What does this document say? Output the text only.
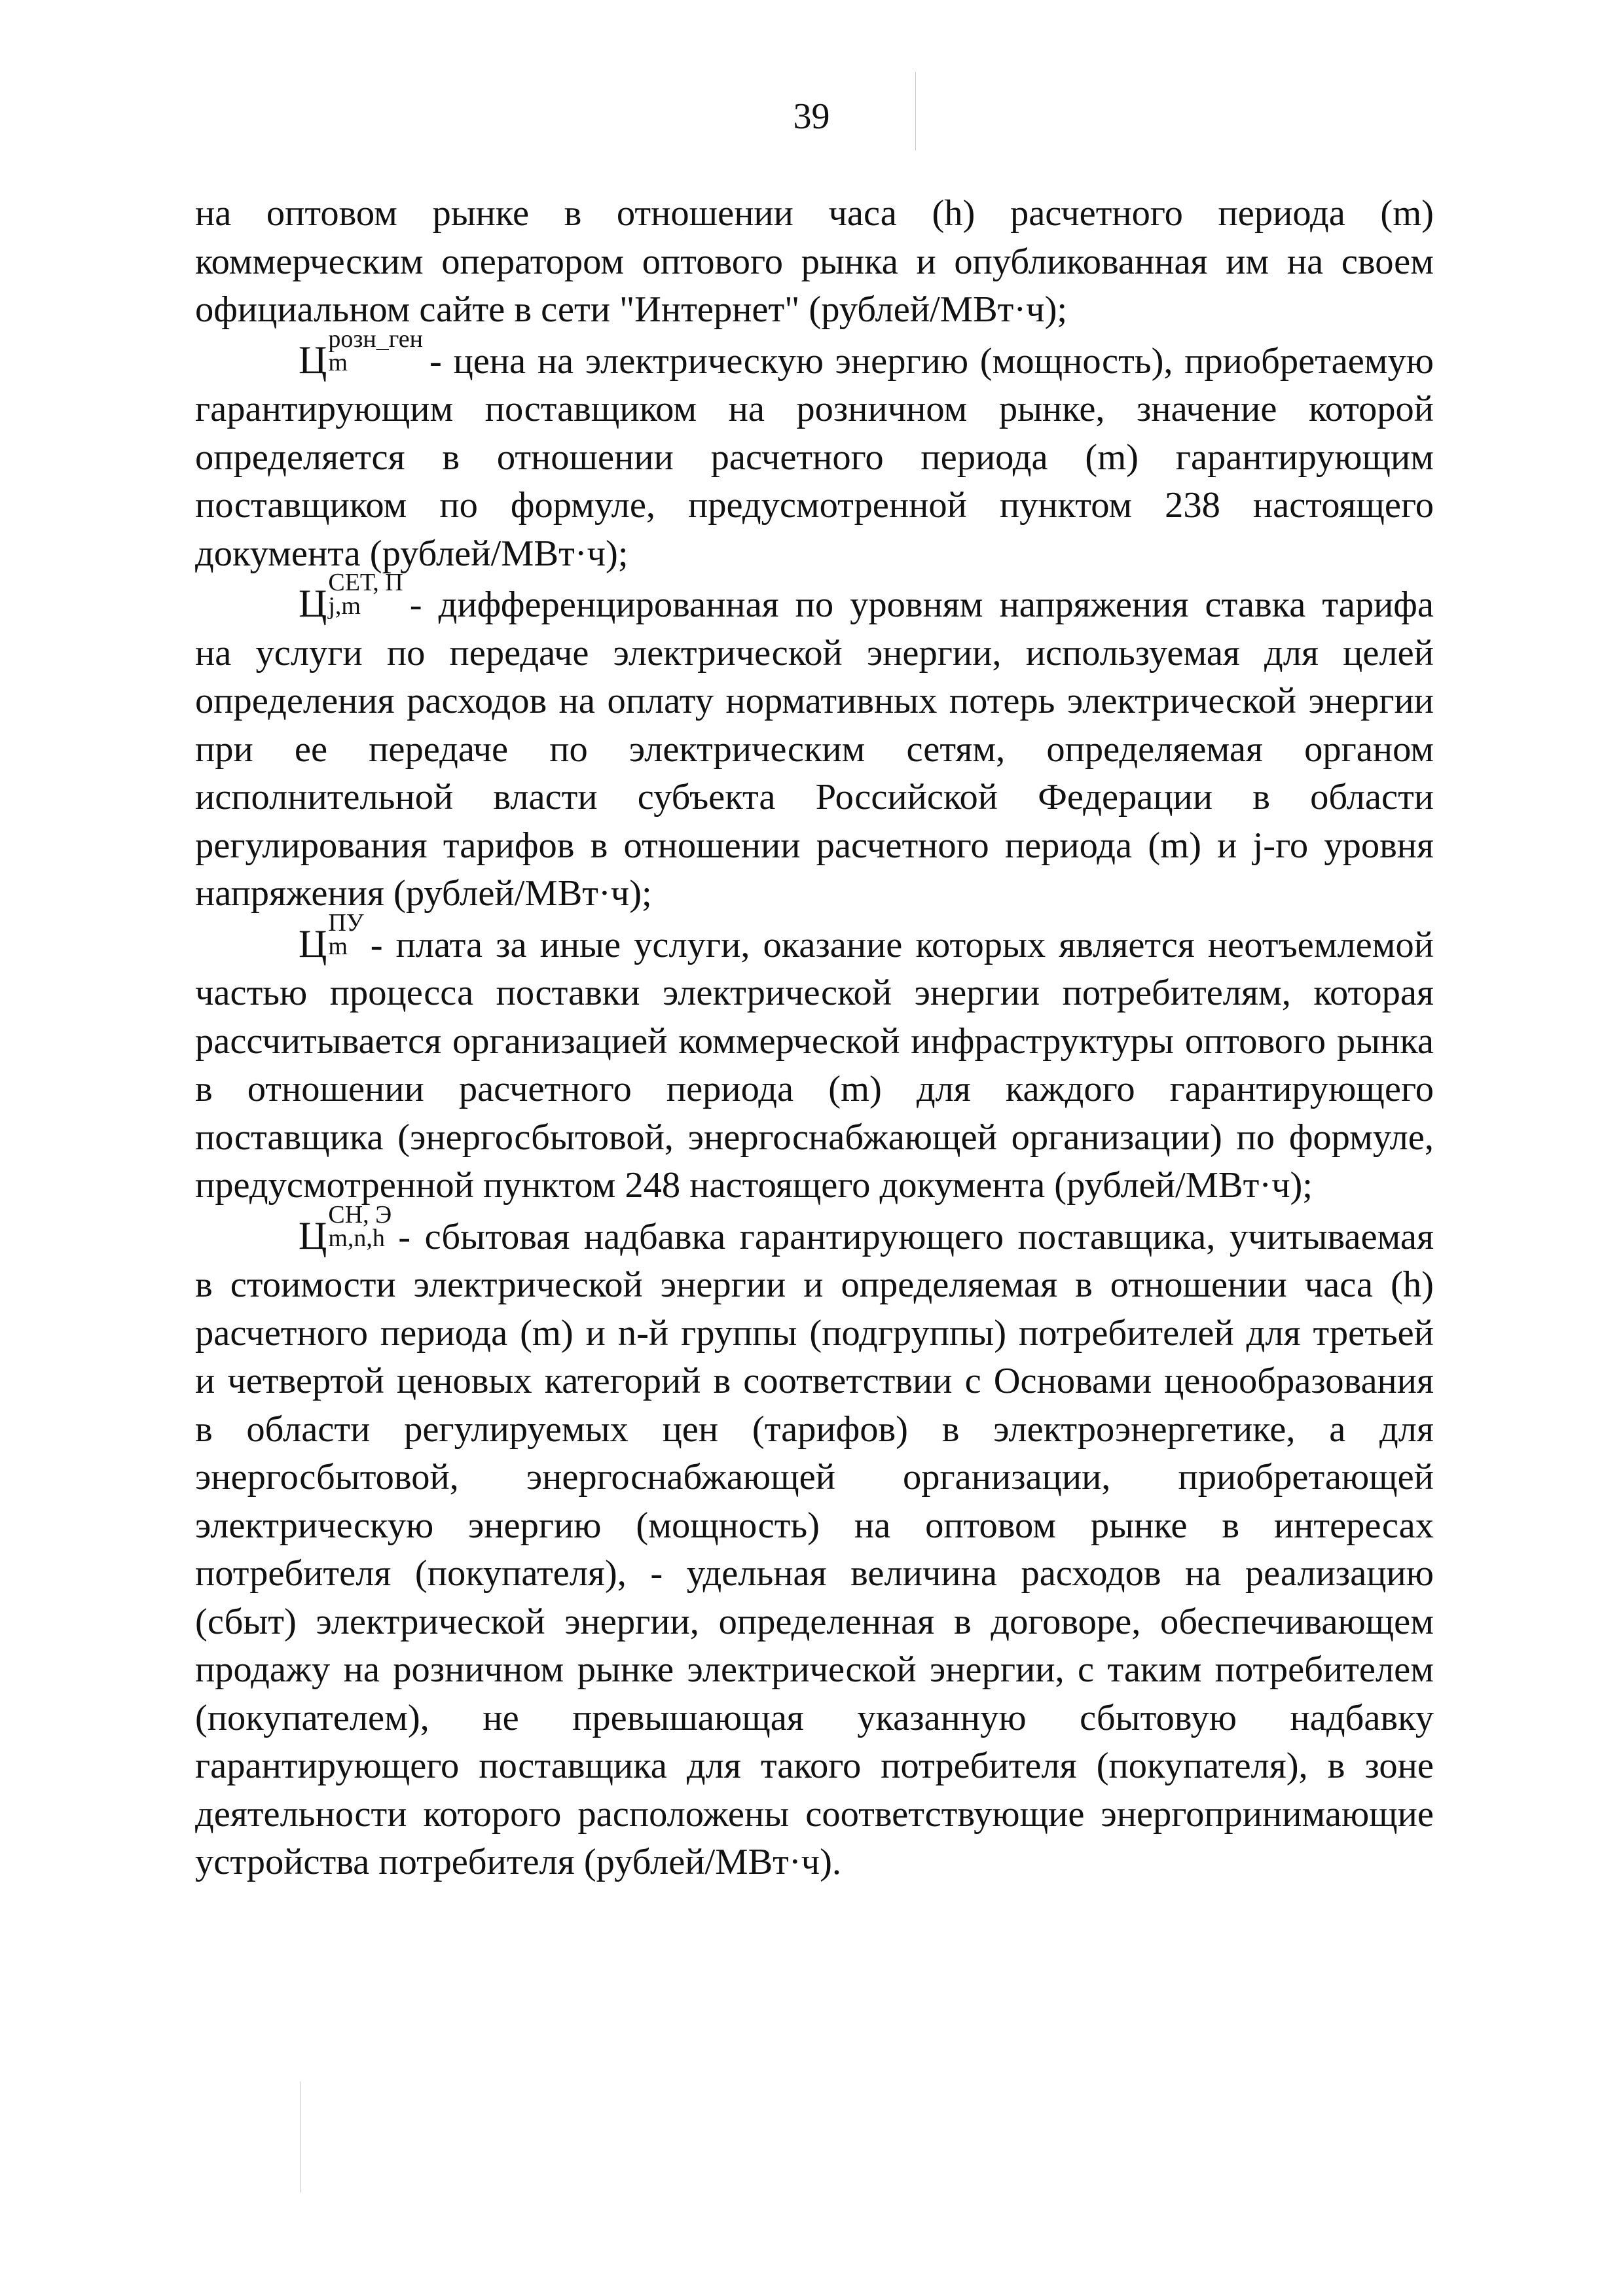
39

на оптовом рынке в отношении часа (h) расчетного периода (m) коммерческим оператором оптового рынка и опубликованная им на своем официальном сайте в сети "Интернет" (рублей/МВт·ч);

Ц розн_ген
m	- цена на электрическую энергию (мощность), приобретаемую гарантирующим поставщиком на розничном рынке, значение которой определяется в отношении расчетного периода (m) гарантирующим поставщиком по формуле, предусмотренной пунктом 238 настоящего документа (рублей/МВт·ч);

Ц СЕТ, П
j,m	- дифференцированная по уровням напряжения ставка тарифа на услуги по передаче электрической энергии, используемая для целей определения расходов на оплату нормативных потерь электрической энергии при ее передаче по электрическим сетям, определяемая органом исполнительной власти субъекта Российской Федерации в области регулирования тарифов в отношении расчетного периода (m) и j-го уровня напряжения (рублей/МВт·ч);

Ц ПУ
m - плата за иные услуги, оказание которых является неотъемлемой частью процесса поставки электрической энергии потребителям, которая рассчитывается организацией коммерческой инфраструктуры оптового рынка в отношении расчетного периода (m) для каждого гарантирующего поставщика (энергосбытовой, энергоснабжающей организации) по формуле, предусмотренной пунктом 248 настоящего документа (рублей/МВт·ч);

Ц СН, Э
m,n,h - сбытовая надбавка гарантирующего поставщика, учитываемая в стоимости электрической энергии и определяемая в отношении часа (h) расчетного периода (m) и n-й группы (подгруппы) потребителей для третьей и четвертой ценовых категорий в соответствии с Основами ценообразования в области регулируемых цен (тарифов) в электроэнергетике, а для энергосбытовой, энергоснабжающей организации, приобретающей электрическую энергию (мощность) на оптовом рынке в интересах потребителя (покупателя), - удельная величина расходов на реализацию (сбыт) электрической энергии, определенная в договоре, обеспечивающем продажу на розничном рынке электрической энергии, с таким потребителем (покупателем), не превышающая указанную сбытовую надбавку гарантирующего поставщика для такого потребителя (покупателя), в зоне деятельности которого расположены соответствующие энергопринимающие устройства потребителя (рублей/МВт·ч).
